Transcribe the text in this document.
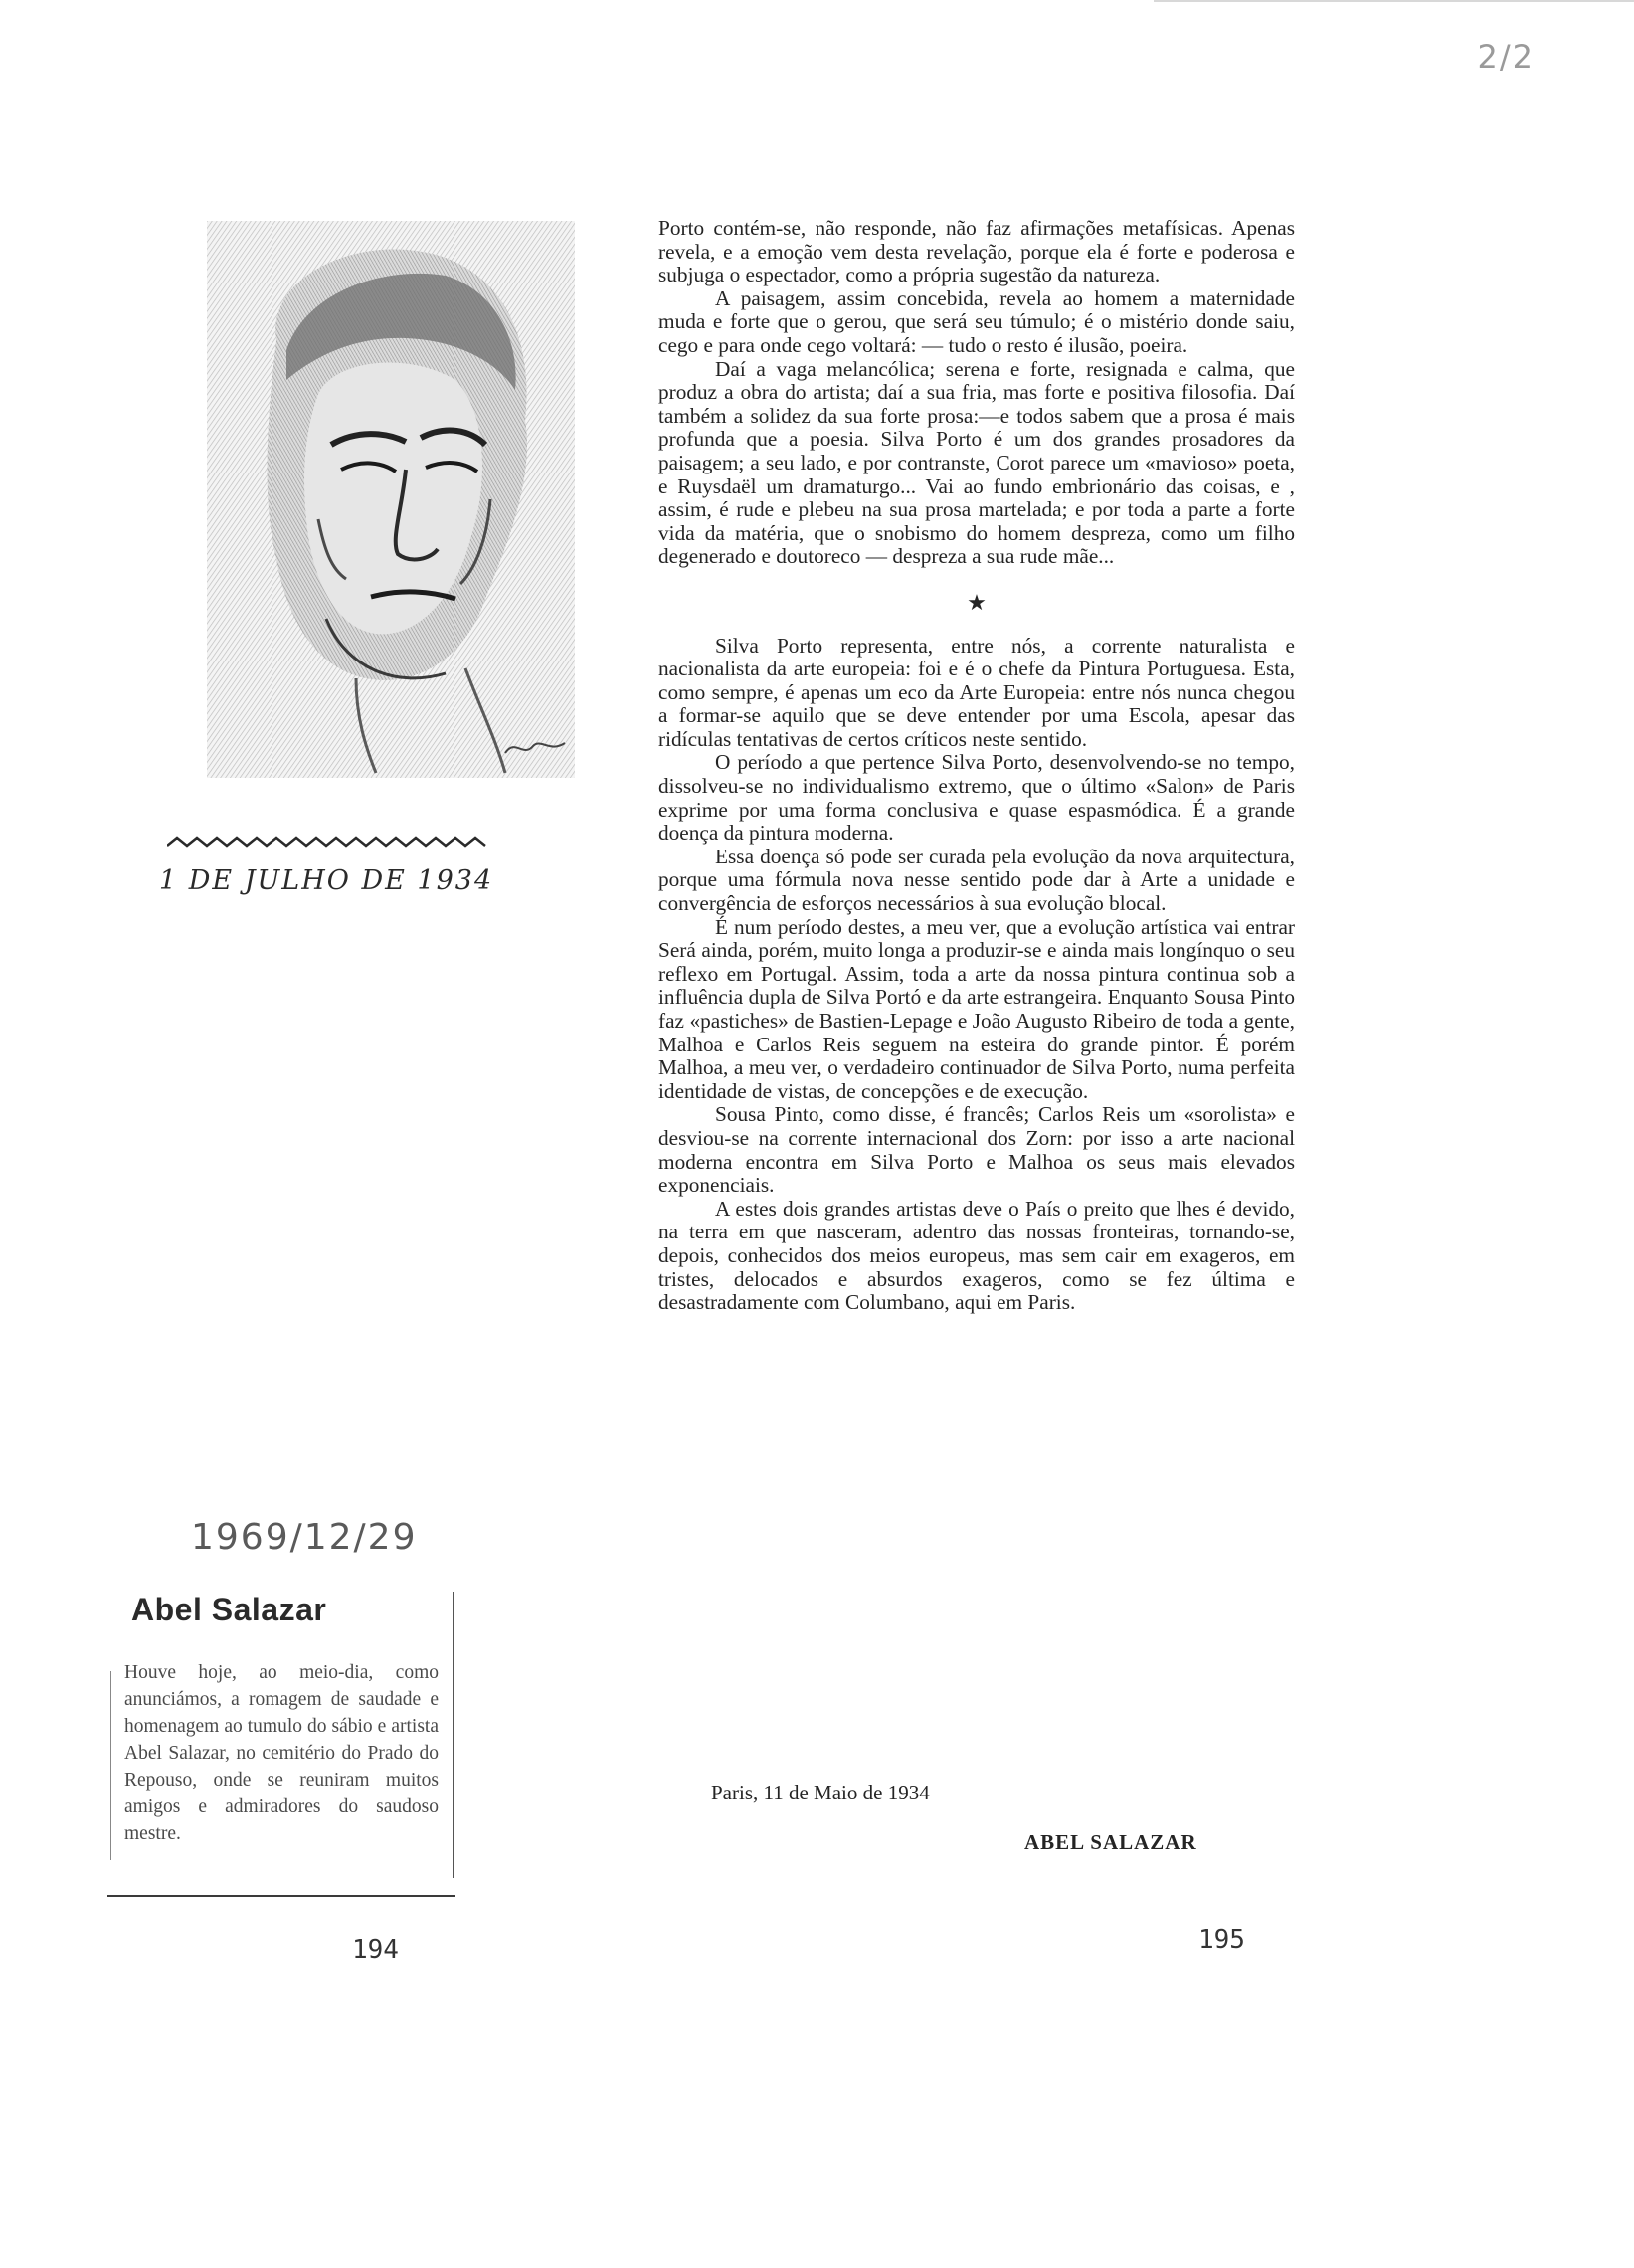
2/2
1 DE JULHO DE 1934

Porto contém-se, não responde, não faz afirmações metafísicas. Apenas revela, e a emoção vem desta revelação, porque ela é forte e poderosa e subjuga o espectador, como a própria sugestão da natureza.

A paisagem, assim concebida, revela ao homem a maternidade muda e forte que o gerou, que será seu túmulo; é o mistério donde saiu, cego e para onde cego voltará: — tudo o resto é ilusão, poeira.

Daí a vaga melancólica; serena e forte, resignada e calma, que produz a obra do artista; daí a sua fria, mas forte e positiva filosofia. Daí também a solidez da sua forte prosa:—e todos sabem que a prosa é mais profunda que a poesia. Silva Porto é um dos grandes prosadores da paisagem; a seu lado, e por contranste, Corot parece um «mavioso» poeta, e Ruysdaël um dramaturgo... Vai ao fundo embrionário das coisas, e , assim, é rude e plebeu na sua prosa martelada; e por toda a parte a forte vida da matéria, que o snobismo do homem despreza, como um filho degenerado e doutoreco — despreza a sua rude mãe...

★

Silva Porto representa, entre nós, a corrente naturalista e nacionalista da arte europeia: foi e é o chefe da Pintura Portuguesa. Esta, como sempre, é apenas um eco da Arte Europeia: entre nós nunca chegou a formar-se aquilo que se deve entender por uma Escola, apesar das ridículas tentativas de certos críticos neste sentido.

O período a que pertence Silva Porto, desenvolvendo-se no tempo, dissolveu-se no individualismo extremo, que o último «Salon» de Paris exprime por uma forma conclusiva e quase espasmódica. É a grande doença da pintura moderna.

Essa doença só pode ser curada pela evolução da nova arquitectura, porque uma fórmula nova nesse sentido pode dar à Arte a unidade e convergência de esforços necessários à sua evolução blocal.

É num período destes, a meu ver, que a evolução artística vai entrar Será ainda, porém, muito longa a produzir-se e ainda mais longínquo o seu reflexo em Portugal. Assim, toda a arte da nossa pintura continua sob a influência dupla de Silva Portó e da arte estrangeira. Enquanto Sousa Pinto faz «pastiches» de Bastien-Lepage e João Augusto Ribeiro de toda a gente, Malhoa e Carlos Reis seguem na esteira do grande pintor. É porém Malhoa, a meu ver, o verdadeiro continuador de Silva Porto, numa perfeita identidade de vistas, de concepções e de execução.

Sousa Pinto, como disse, é francês; Carlos Reis um «sorolista» e desviou-se na corrente internacional dos Zorn: por isso a arte nacional moderna encontra em Silva Porto e Malhoa os seus mais elevados exponenciais.

A estes dois grandes artistas deve o País o preito que lhes é devido, na terra em que nasceram, adentro das nossas fronteiras, tornando-se, depois, conhecidos dos meios europeus, mas sem cair em exageros, em tristes, delocados e absurdos exageros, como se fez última e desastradamente com Columbano, aqui em Paris.

Paris, 11 de Maio de 1934
ABEL SALAZAR
1969/12/29
Abel Salazar
Houve hoje, ao meio-dia, como anunciámos, a romagem de saudade e homenagem ao tumulo do sábio e artista Abel Salazar, no cemitério do Prado do Repouso, onde se reuniram muitos amigos e admiradores do saudoso mestre.
194	195
